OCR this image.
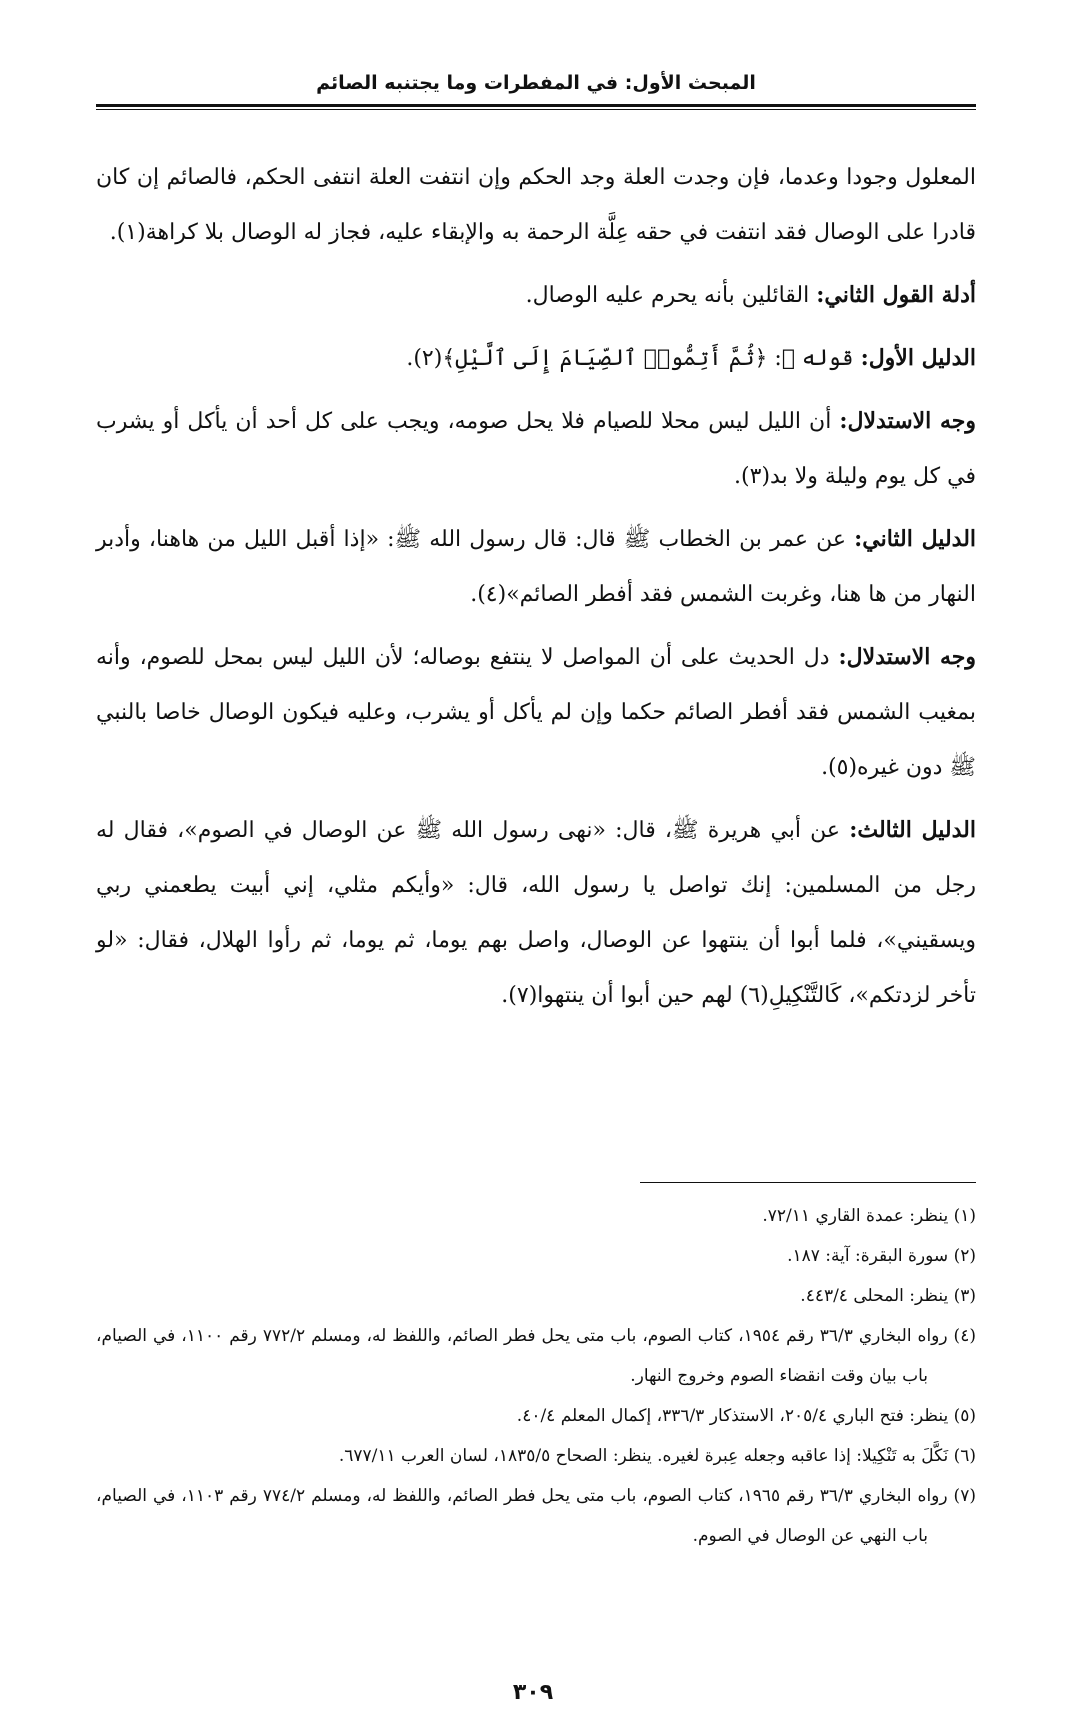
المبحث الأول: في المفطرات وما يجتنبه الصائم

المعلول وجودا وعدما، فإن وجدت العلة وجد الحكم وإن انتفت العلة انتفى الحكم، فالصائم إن كان قادرا على الوصال فقد انتفت في حقه عِلَّة الرحمة به والإبقاء عليه، فجاز له الوصال بلا كراهة(١).

أدلة القول الثاني: القائلين بأنه يحرم عليه الوصال.

الدليل الأول: قوله ﷻ: ﴿ثُمَّ أَتِمُّوا۟ ٱلصِّيَامَ إِلَى ٱلَّيْلِ﴾(٢).

وجه الاستدلال: أن الليل ليس محلا للصيام فلا يحل صومه، ويجب على كل أحد أن يأكل أو يشرب في كل يوم وليلة ولا بد(٣).

الدليل الثاني: عن عمر بن الخطاب ﷺ قال: قال رسول الله ﷺ: «إذا أقبل الليل من هاهنا، وأدبر النهار من ها هنا، وغربت الشمس فقد أفطر الصائم»(٤).

وجه الاستدلال: دل الحديث على أن المواصل لا ينتفع بوصاله؛ لأن الليل ليس بمحل للصوم، وأنه بمغيب الشمس فقد أفطر الصائم حكما وإن لم يأكل أو يشرب، وعليه فيكون الوصال خاصا بالنبي ﷺ دون غيره(٥).

الدليل الثالث: عن أبي هريرة ﷺ، قال: «نهى رسول الله ﷺ عن الوصال في الصوم»، فقال له رجل من المسلمين: إنك تواصل يا رسول الله، قال: «وأيكم مثلي، إني أبيت يطعمني ربي ويسقيني»، فلما أبوا أن ينتهوا عن الوصال، واصل بهم يوما، ثم يوما، ثم رأوا الهلال، فقال: «لو تأخر لزدتكم»، كَالتَّنْكِيلِ(٦) لهم حين أبوا أن ينتهوا(٧).

(١) ينظر: عمدة القاري ٧٢/١١.

(٢) سورة البقرة: آية: ١٨٧.

(٣) ينظر: المحلى ٤٤٣/٤.

(٤) رواه البخاري ٣٦/٣ رقم ١٩٥٤، كتاب الصوم، باب متى يحل فطر الصائم، واللفظ له، ومسلم ٧٧٢/٢ رقم ١١٠٠، في الصيام، باب بيان وقت انقضاء الصوم وخروج النهار.

(٥) ينظر: فتح الباري ٢٠٥/٤، الاستذكار ٣٣٦/٣، إكمال المعلم ٤٠/٤.

(٦) نَكَّلَ به تَنْكِيلا: إذا عاقبه وجعله عِبرة لغيره. ينظر: الصحاح ١٨٣٥/٥، لسان العرب ٦٧٧/١١.

(٧) رواه البخاري ٣٦/٣ رقم ١٩٦٥، كتاب الصوم، باب متى يحل فطر الصائم، واللفظ له، ومسلم ٧٧٤/٢ رقم ١١٠٣، في الصيام، باب النهي عن الوصال في الصوم.

٣٠٩
